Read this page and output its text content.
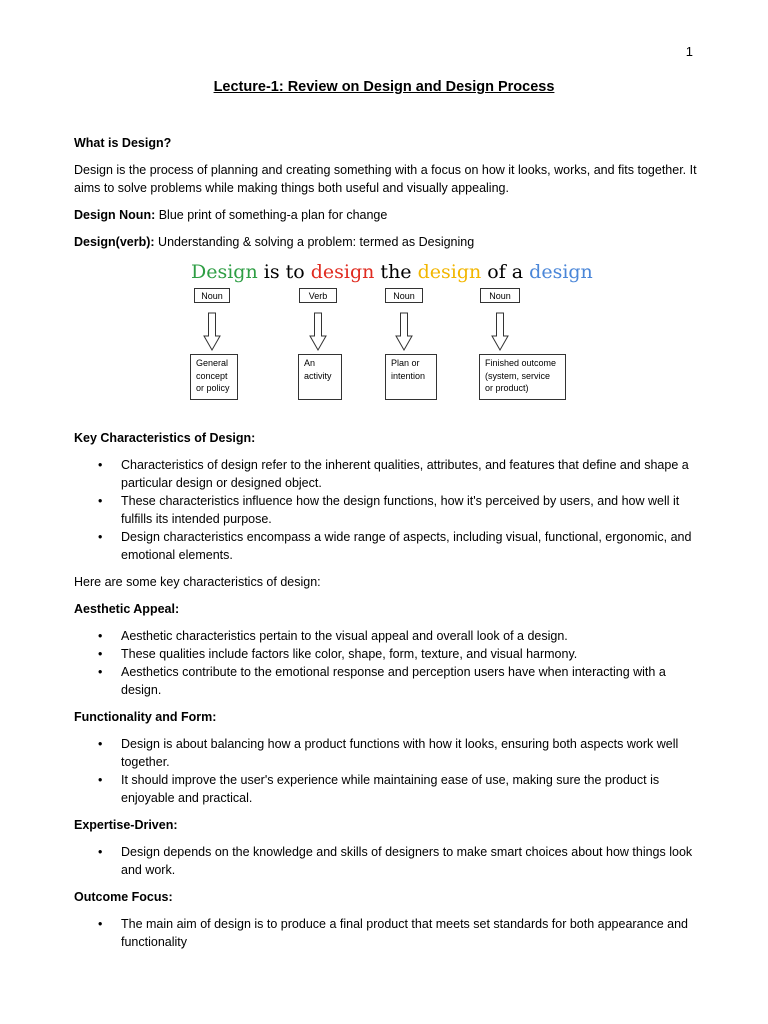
1
Lecture-1: Review on Design and Design Process
What is Design?
Design is the process of planning and creating something with a focus on how it looks, works, and fits together. It aims to solve problems while making things both useful and visually appealing.
Design Noun: Blue print of something-a plan for change
Design(verb): Understanding & solving a problem: termed as Designing
Design is to design the design of a design
Noun
General concept or policy
Verb
An activity
Noun
Plan or intention
Noun
Finished outcome (system, service or product)
Key Characteristics of Design:
• Characteristics of design refer to the inherent qualities, attributes, and features that define and shape a particular design or designed object.
• These characteristics influence how the design functions, how it's perceived by users, and how well it fulfills its intended purpose.
• Design characteristics encompass a wide range of aspects, including visual, functional, ergonomic, and emotional elements.
Here are some key characteristics of design:
Aesthetic Appeal:
• Aesthetic characteristics pertain to the visual appeal and overall look of a design.
• These qualities include factors like color, shape, form, texture, and visual harmony.
• Aesthetics contribute to the emotional response and perception users have when interacting with a design.
Functionality and Form:
• Design is about balancing how a product functions with how it looks, ensuring both aspects work well together.
• It should improve the user's experience while maintaining ease of use, making sure the product is enjoyable and practical.
Expertise-Driven:
• Design depends on the knowledge and skills of designers to make smart choices about how things look and work.
Outcome Focus:
• The main aim of design is to produce a final product that meets set standards for both appearance and functionality
